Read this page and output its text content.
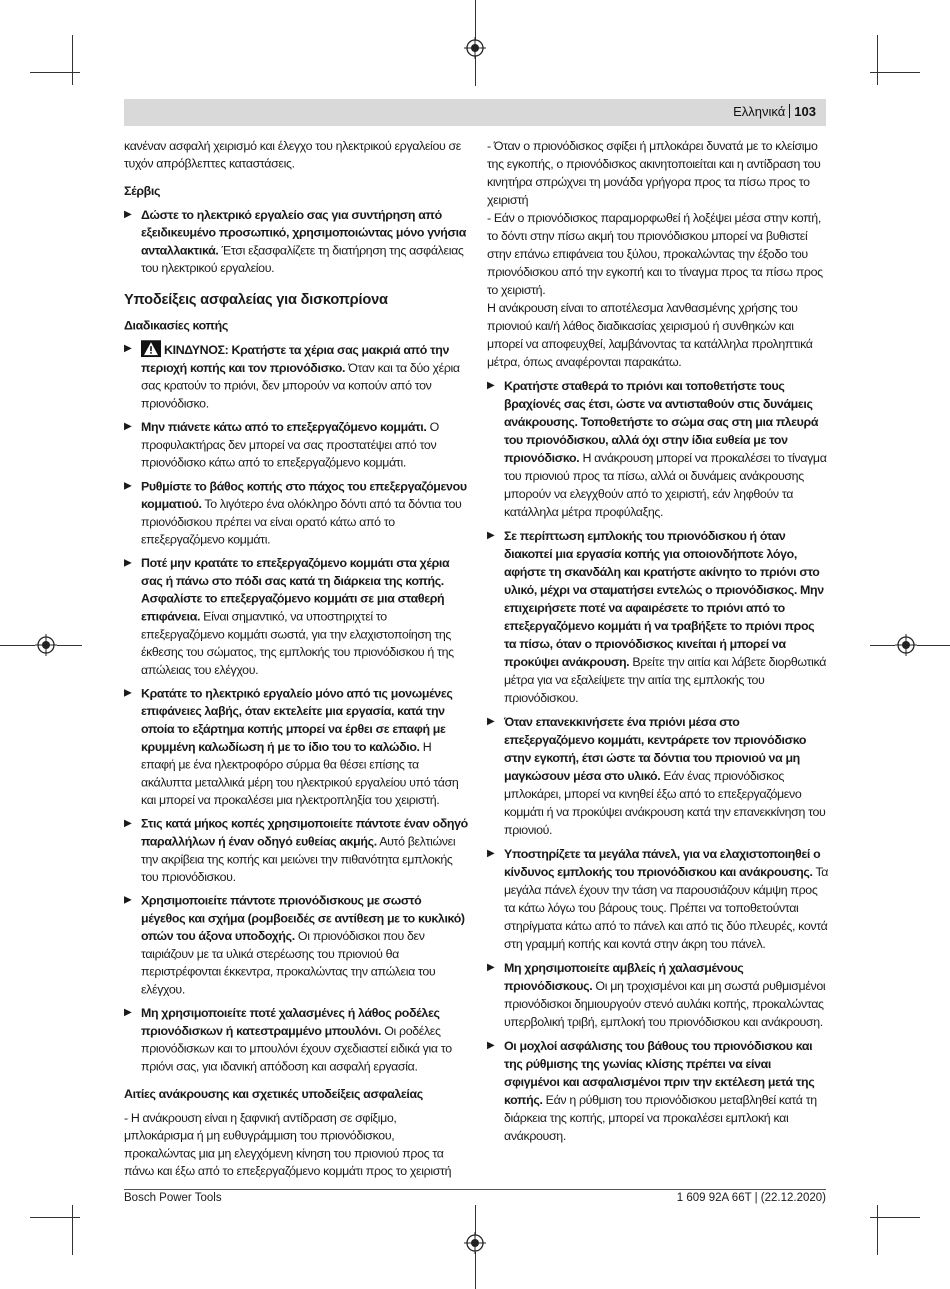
Ελληνικά 103

κανέναν ασφαλή χειρισμό και έλεγχο του ηλεκτρικού εργαλείου σε τυχόν απρόβλεπτες καταστάσεις.

Σέρβις

▶ Δώστε το ηλεκτρικό εργαλείο σας για συντήρηση από εξειδικευμένο προσωπικό, χρησιμοποιώντας μόνο γνήσια ανταλλακτικά. Έτσι εξασφαλίζετε τη διατήρηση της ασφάλειας του ηλεκτρικού εργαλείου.

Υποδείξεις ασφαλείας για δισκοπρίονα

Διαδικασίες κοπής

▶	ΚΙΝΔΥΝΟΣ: Κρατήστε τα χέρια σας μακριά από την περιοχή κοπής και τον πριονόδισκο. Όταν και τα δύο χέρια σας κρατούν το πριόνι, δεν μπορούν να κοπούν από τον πριονόδισκο.
▶ Μην πιάνετε κάτω από το επεξεργαζόμενο κομμάτι. Ο προφυλακτήρας δεν μπορεί να σας προστατέψει από τον πριονόδισκο κάτω από το επεξεργαζόμενο κομμάτι.
▶ Ρυθμίστε το βάθος κοπής στο πάχος του επεξεργαζόμενου κομματιού. Το λιγότερο ένα ολόκληρο δόντι από τα δόντια του πριονόδισκου πρέπει να είναι ορατό κάτω από το επεξεργαζόμενο κομμάτι.
▶ Ποτέ μην κρατάτε το επεξεργαζόμενο κομμάτι στα χέρια σας ή πάνω στο πόδι σας κατά τη διάρκεια της κοπής. Ασφαλίστε το επεξεργαζόμενο κομμάτι σε μια σταθερή επιφάνεια. Είναι σημαντικό, να υποστηριχτεί το επεξεργαζόμενο κομμάτι σωστά, για την ελαχιστοποίηση της έκθεσης του σώματος, της εμπλοκής του πριονόδισκου ή της απώλειας του ελέγχου.
▶ Κρατάτε το ηλεκτρικό εργαλείο μόνο από τις μονωμένες επιφάνειες λαβής, όταν εκτελείτε μια εργασία, κατά την οποία το εξάρτημα κοπής μπορεί να έρθει σε επαφή με κρυμμένη καλωδίωση ή με το ίδιο του το καλώδιο. Η επαφή με ένα ηλεκτροφόρο σύρμα θα θέσει επίσης τα ακάλυπτα μεταλλικά μέρη του ηλεκτρικού εργαλείου υπό τάση και μπορεί να προκαλέσει μια ηλεκτροπληξία του χειριστή.
▶ Στις κατά μήκος κοπές χρησιμοποιείτε πάντοτε έναν οδηγό παραλλήλων ή έναν οδηγό ευθείας ακμής. Αυτό βελτιώνει την ακρίβεια της κοπής και μειώνει την πιθανότητα εμπλοκής του πριονόδισκου.
▶ Χρησιμοποιείτε πάντοτε πριονόδισκους με σωστό μέγεθος και σχήμα (ρομβοειδές σε αντίθεση με το κυκλικό) οπών του άξονα υποδοχής. Οι πριονόδισκοι που δεν ταιριάζουν με τα υλικά στερέωσης του πριονιού θα περιστρέφονται έκκεντρα, προκαλώντας την απώλεια του ελέγχου.
▶ Μη χρησιμοποιείτε ποτέ χαλασμένες ή λάθος ροδέλες πριονόδισκων ή κατεστραμμένο μπουλόνι. Οι ροδέλες πριονόδισκων και το μπουλόνι έχουν σχεδιαστεί ειδικά για το πριόνι σας, για ιδανική απόδοση και ασφαλή εργασία.

Αιτίες ανάκρουσης και σχετικές υποδείξεις ασφαλείας

- Η ανάκρουση είναι η ξαφνική αντίδραση σε σφίξιμο, μπλοκάρισμα ή μη ευθυγράμμιση του πριονόδισκου, προκαλώντας μια μη ελεγχόμενη κίνηση του πριονιού προς τα πάνω και έξω από το επεξεργαζόμενο κομμάτι προς το χειριστή

- Όταν ο πριονόδισκος σφίξει ή μπλοκάρει δυνατά με το κλείσιμο της εγκοπής, ο πριονόδισκος ακινητοποιείται και η αντίδραση του κινητήρα σπρώχνει τη μονάδα γρήγορα προς τα πίσω προς το χειριστή

- Εάν ο πριονόδισκος παραμορφωθεί ή λοξέψει μέσα στην κοπή, το δόντι στην πίσω ακμή του πριονόδισκου μπορεί να βυθιστεί στην επάνω επιφάνεια του ξύλου, προκαλώντας την έξοδο του πριονόδισκου από την εγκοπή και το τίναγμα προς τα πίσω προς το χειριστή.

Η ανάκρουση είναι το αποτέλεσμα λανθασμένης χρήσης του πριονιού και/ή λάθος διαδικασίας χειρισμού ή συνθηκών και μπορεί να αποφευχθεί, λαμβάνοντας τα κατάλληλα προληπτικά μέτρα, όπως αναφέρονται παρακάτω.

▶ Κρατήστε σταθερά το πριόνι και τοποθετήστε τους βραχίονές σας έτσι, ώστε να αντισταθούν στις δυνάμεις ανάκρουσης. Τοποθετήστε το σώμα σας στη μια πλευρά του πριονόδισκου, αλλά όχι στην ίδια ευθεία με τον πριονόδισκο. Η ανάκρουση μπορεί να προκαλέσει το τίναγμα του πριονιού προς τα πίσω, αλλά οι δυνάμεις ανάκρουσης μπορούν να ελεγχθούν από το χειριστή, εάν ληφθούν τα κατάλληλα μέτρα προφύλαξης.
▶ Σε περίπτωση εμπλοκής του πριονόδισκου ή όταν διακοπεί μια εργασία κοπής για οποιονδήποτε λόγο, αφήστε τη σκανδάλη και κρατήστε ακίνητο το πριόνι στο υλικό, μέχρι να σταματήσει εντελώς ο πριονόδισκος. Μην επιχειρήσετε ποτέ να αφαιρέσετε το πριόνι από το επεξεργαζόμενο κομμάτι ή να τραβήξετε το πριόνι προς τα πίσω, όταν ο πριονόδισκος κινείται ή μπορεί να προκύψει ανάκρουση. Βρείτε την αιτία και λάβετε διορθωτικά μέτρα για να εξαλείψετε την αιτία της εμπλοκής του πριονόδισκου.
▶ Όταν επανεκκινήσετε ένα πριόνι μέσα στο επεξεργαζόμενο κομμάτι, κεντράρετε τον πριονόδισκο στην εγκοπή, έτσι ώστε τα δόντια του πριονιού να μη μαγκώσουν μέσα στο υλικό. Εάν ένας πριονόδισκος μπλοκάρει, μπορεί να κινηθεί έξω από το επεξεργαζόμενο κομμάτι ή να προκύψει ανάκρουση κατά την επανεκκίνηση του πριονιού.
▶ Υποστηρίζετε τα μεγάλα πάνελ, για να ελαχιστοποιηθεί ο κίνδυνος εμπλοκής του πριονόδισκου και ανάκρουσης. Τα μεγάλα πάνελ έχουν την τάση να παρουσιάζουν κάμψη προς τα κάτω λόγω του βάρους τους. Πρέπει να τοποθετούνται στηρίγματα κάτω από το πάνελ και από τις δύο πλευρές, κοντά στη γραμμή κοπής και κοντά στην άκρη του πάνελ.
▶ Μη χρησιμοποιείτε αμβλείς ή χαλασμένους πριονόδισκους. Οι μη τροχισμένοι και μη σωστά ρυθμισμένοι πριονόδισκοι δημιουργούν στενό αυλάκι κοπής, προκαλώντας υπερβολική τριβή, εμπλοκή του πριονόδισκου και ανάκρουση.
▶ Οι μοχλοί ασφάλισης του βάθους του πριονόδισκου και της ρύθμισης της γωνίας κλίσης πρέπει να είναι σφιγμένοι και ασφαλισμένοι πριν την εκτέλεση μετά της κοπής. Εάν η ρύθμιση του πριονόδισκου μεταβληθεί κατά τη διάρκεια της κοπής, μπορεί να προκαλέσει εμπλοκή και ανάκρουση.
Bosch Power Tools	1 609 92A 66T | (22.12.2020)
